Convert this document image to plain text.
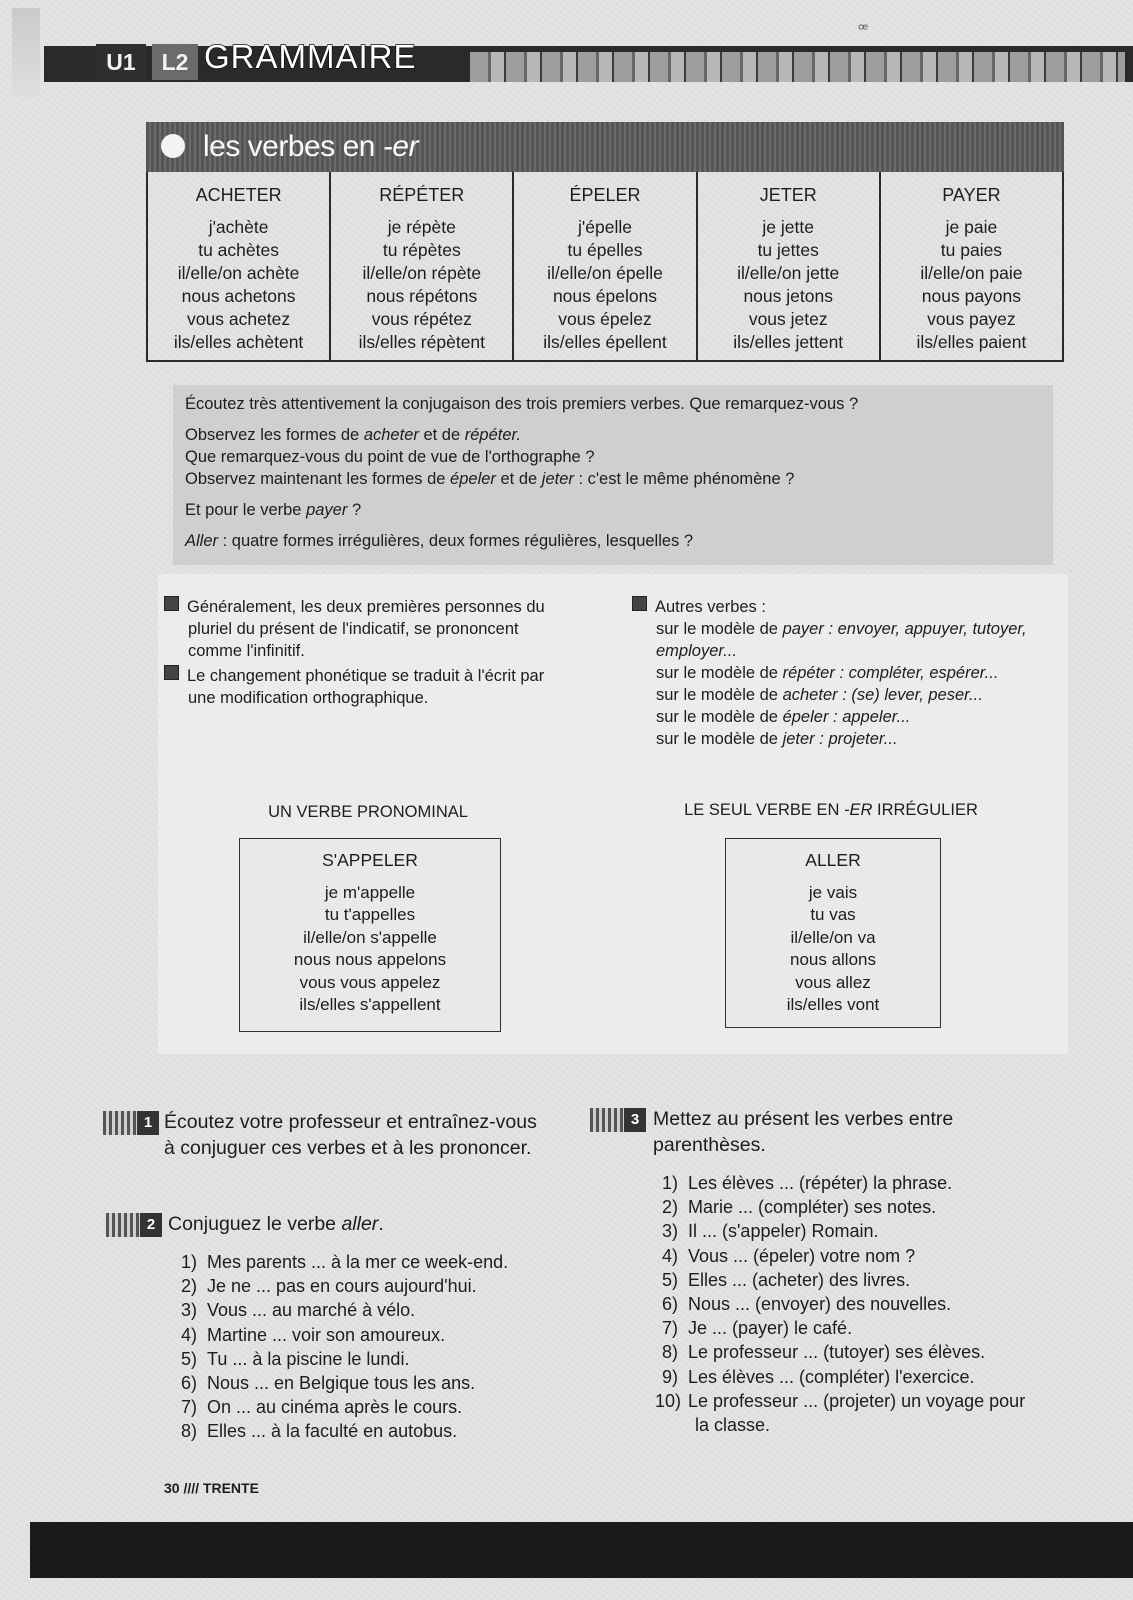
ꟹ
U1	L2 GRAMMAIRE
les verbes en -er
ACHETER
j'achète
tu achètes
il/elle/on achète
nous achetons
vous achetez
ils/elles achètent
RÉPÉTER
je répète
tu répètes
il/elle/on répète
nous répétons
vous répétez
ils/elles répètent
ÉPELER
j'épelle
tu épelles
il/elle/on épelle
nous épelons
vous épelez
ils/elles épellent
JETER
je jette
tu jettes
il/elle/on jette
nous jetons
vous jetez
ils/elles jettent
PAYER
je paie
tu paies
il/elle/on paie
nous payons
vous payez
ils/elles paient
Écoutez très attentivement la conjugaison des trois premiers verbes. Que remarquez-vous ?
Observez les formes de acheter et de répéter.
Que remarquez-vous du point de vue de l'orthographe ?
Observez maintenant les formes de épeler et de jeter : c'est le même phénomène ?
Et pour le verbe payer ?
Aller : quatre formes irrégulières, deux formes régulières, lesquelles ?
Généralement, les deux premières personnes du
pluriel du présent de l'indicatif, se prononcent
comme l'infinitif.
Le changement phonétique se traduit à l'écrit par
une modification orthographique.
Autres verbes :
sur le modèle de payer : envoyer, appuyer, tutoyer,
employer...
sur le modèle de répéter : compléter, espérer...
sur le modèle de acheter : (se) lever, peser...
sur le modèle de épeler : appeler...
sur le modèle de jeter : projeter...
UN VERBE PRONOMINAL
S'APPELER
je m'appelle
tu t'appelles
il/elle/on s'appelle
nous nous appelons
vous vous appelez
ils/elles s'appellent
LE SEUL VERBE EN -ER IRRÉGULIER
ALLER
je vais
tu vas
il/elle/on va
nous allons
vous allez
ils/elles vont
1 Écoutez votre professeur et entraînez-vous
à conjuguer ces verbes et à les prononcer.
2 Conjuguez le verbe aller.
1) Mes parents ... à la mer ce week-end.
2) Je ne ... pas en cours aujourd'hui.
3) Vous ... au marché à vélo.
4) Martine ... voir son amoureux.
5) Tu ... à la piscine le lundi.
6) Nous ... en Belgique tous les ans.
7) On ... au cinéma après le cours.
8) Elles ... à la faculté en autobus.
3 Mettez au présent les verbes entre
parenthèses.
1) Les élèves ... (répéter) la phrase.
2) Marie ... (compléter) ses notes.
3) Il ... (s'appeler) Romain.
4) Vous ... (épeler) votre nom ?
5) Elles ... (acheter) des livres.
6) Nous ... (envoyer) des nouvelles.
7) Je ... (payer) le café.
8) Le professeur ... (tutoyer) ses élèves.
9) Les élèves ... (compléter) l'exercice.
10) Le professeur ... (projeter) un voyage pour
la classe.
30 //// TRENTE
